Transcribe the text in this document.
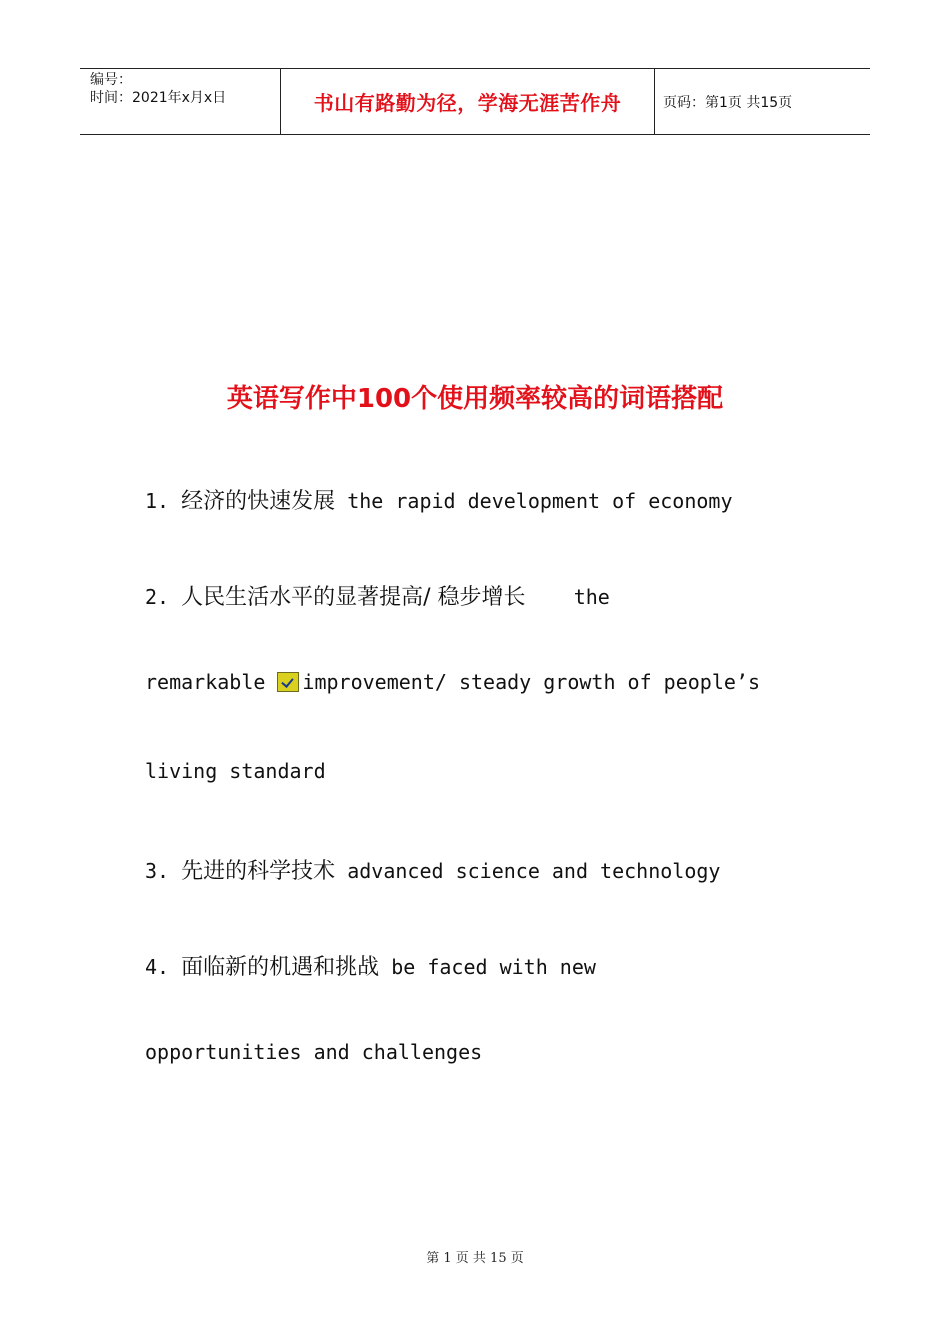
编号：
时间：2021年x月x日	书山有路勤为径，学海无涯苦作舟	页码：第1页 共15页
英语写作中100个使用频率较高的词语搭配
1. 经济的快速发展 the rapid development of economy
2. 人民生活水平的显著提高/ 稳步增长    the
remarkable improvement/ steady growth of people’s
living standard
3. 先进的科学技术 advanced science and technology
4. 面临新的机遇和挑战 be faced with new
opportunities and challenges
第 1 页 共 15 页
